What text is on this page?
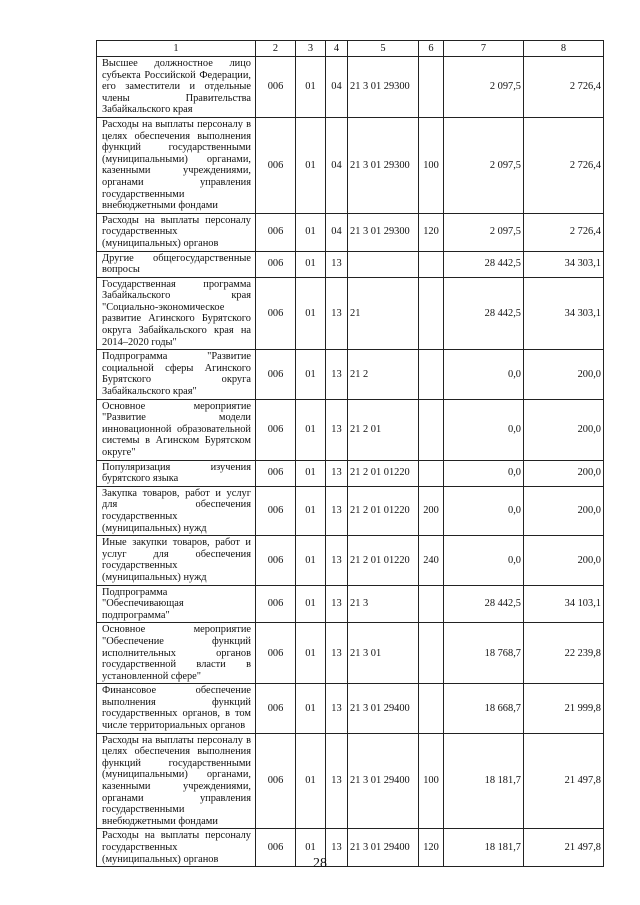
1	2	3	4	5	6	7	8
Высшее должностное лицо субъекта Российской Федерации, его заместители и отдельные члены Правительства Забайкальского края	006	01	04	21 3 01 29300		2 097,5	2 726,4
Расходы на выплаты персоналу в целях обеспечения выполнения функций государственными (муниципальными) органами, казенными учреждениями, органами управления государственными внебюджетными фондами	006	01	04	21 3 01 29300	100	2 097,5	2 726,4
Расходы на выплаты персоналу государственных (муниципальных) органов	006	01	04	21 3 01 29300	120	2 097,5	2 726,4
Другие общегосударственные вопросы	006	01	13			28 442,5	34 303,1
Государственная программа Забайкальского края "Социально-экономическое развитие Агинского Бурятского округа Забайкальского края на 2014–2020 годы"	006	01	13	21		28 442,5	34 303,1
Подпрограмма "Развитие социальной сферы Агинского Бурятского округа Забайкальского края"	006	01	13	21 2		0,0	200,0
Основное мероприятие "Развитие модели инновационной образовательной системы в Агинском Бурятском округе"	006	01	13	21 2 01		0,0	200,0
Популяризация изучения бурятского языка	006	01	13	21 2 01 01220		0,0	200,0
Закупка товаров, работ и услуг для обеспечения государственных (муниципальных) нужд	006	01	13	21 2 01 01220	200	0,0	200,0
Иные закупки товаров, работ и услуг для обеспечения государственных (муниципальных) нужд	006	01	13	21 2 01 01220	240	0,0	200,0
Подпрограмма "Обеспечивающая подпрограмма"	006	01	13	21 3		28 442,5	34 103,1
Основное мероприятие "Обеспечение функций исполнительных органов государственной власти в установленной сфере"	006	01	13	21 3 01		18 768,7	22 239,8
Финансовое обеспечение выполнения функций государственных органов, в том числе территориальных органов	006	01	13	21 3 01 29400		18 668,7	21 999,8
Расходы на выплаты персоналу в целях обеспечения выполнения функций государственными (муниципальными) органами, казенными учреждениями, органами управления государственными внебюджетными фондами	006	01	13	21 3 01 29400	100	18 181,7	21 497,8
Расходы на выплаты персоналу государственных (муниципальных) органов	006	01	13	21 3 01 29400	120	18 181,7	21 497,8
28
